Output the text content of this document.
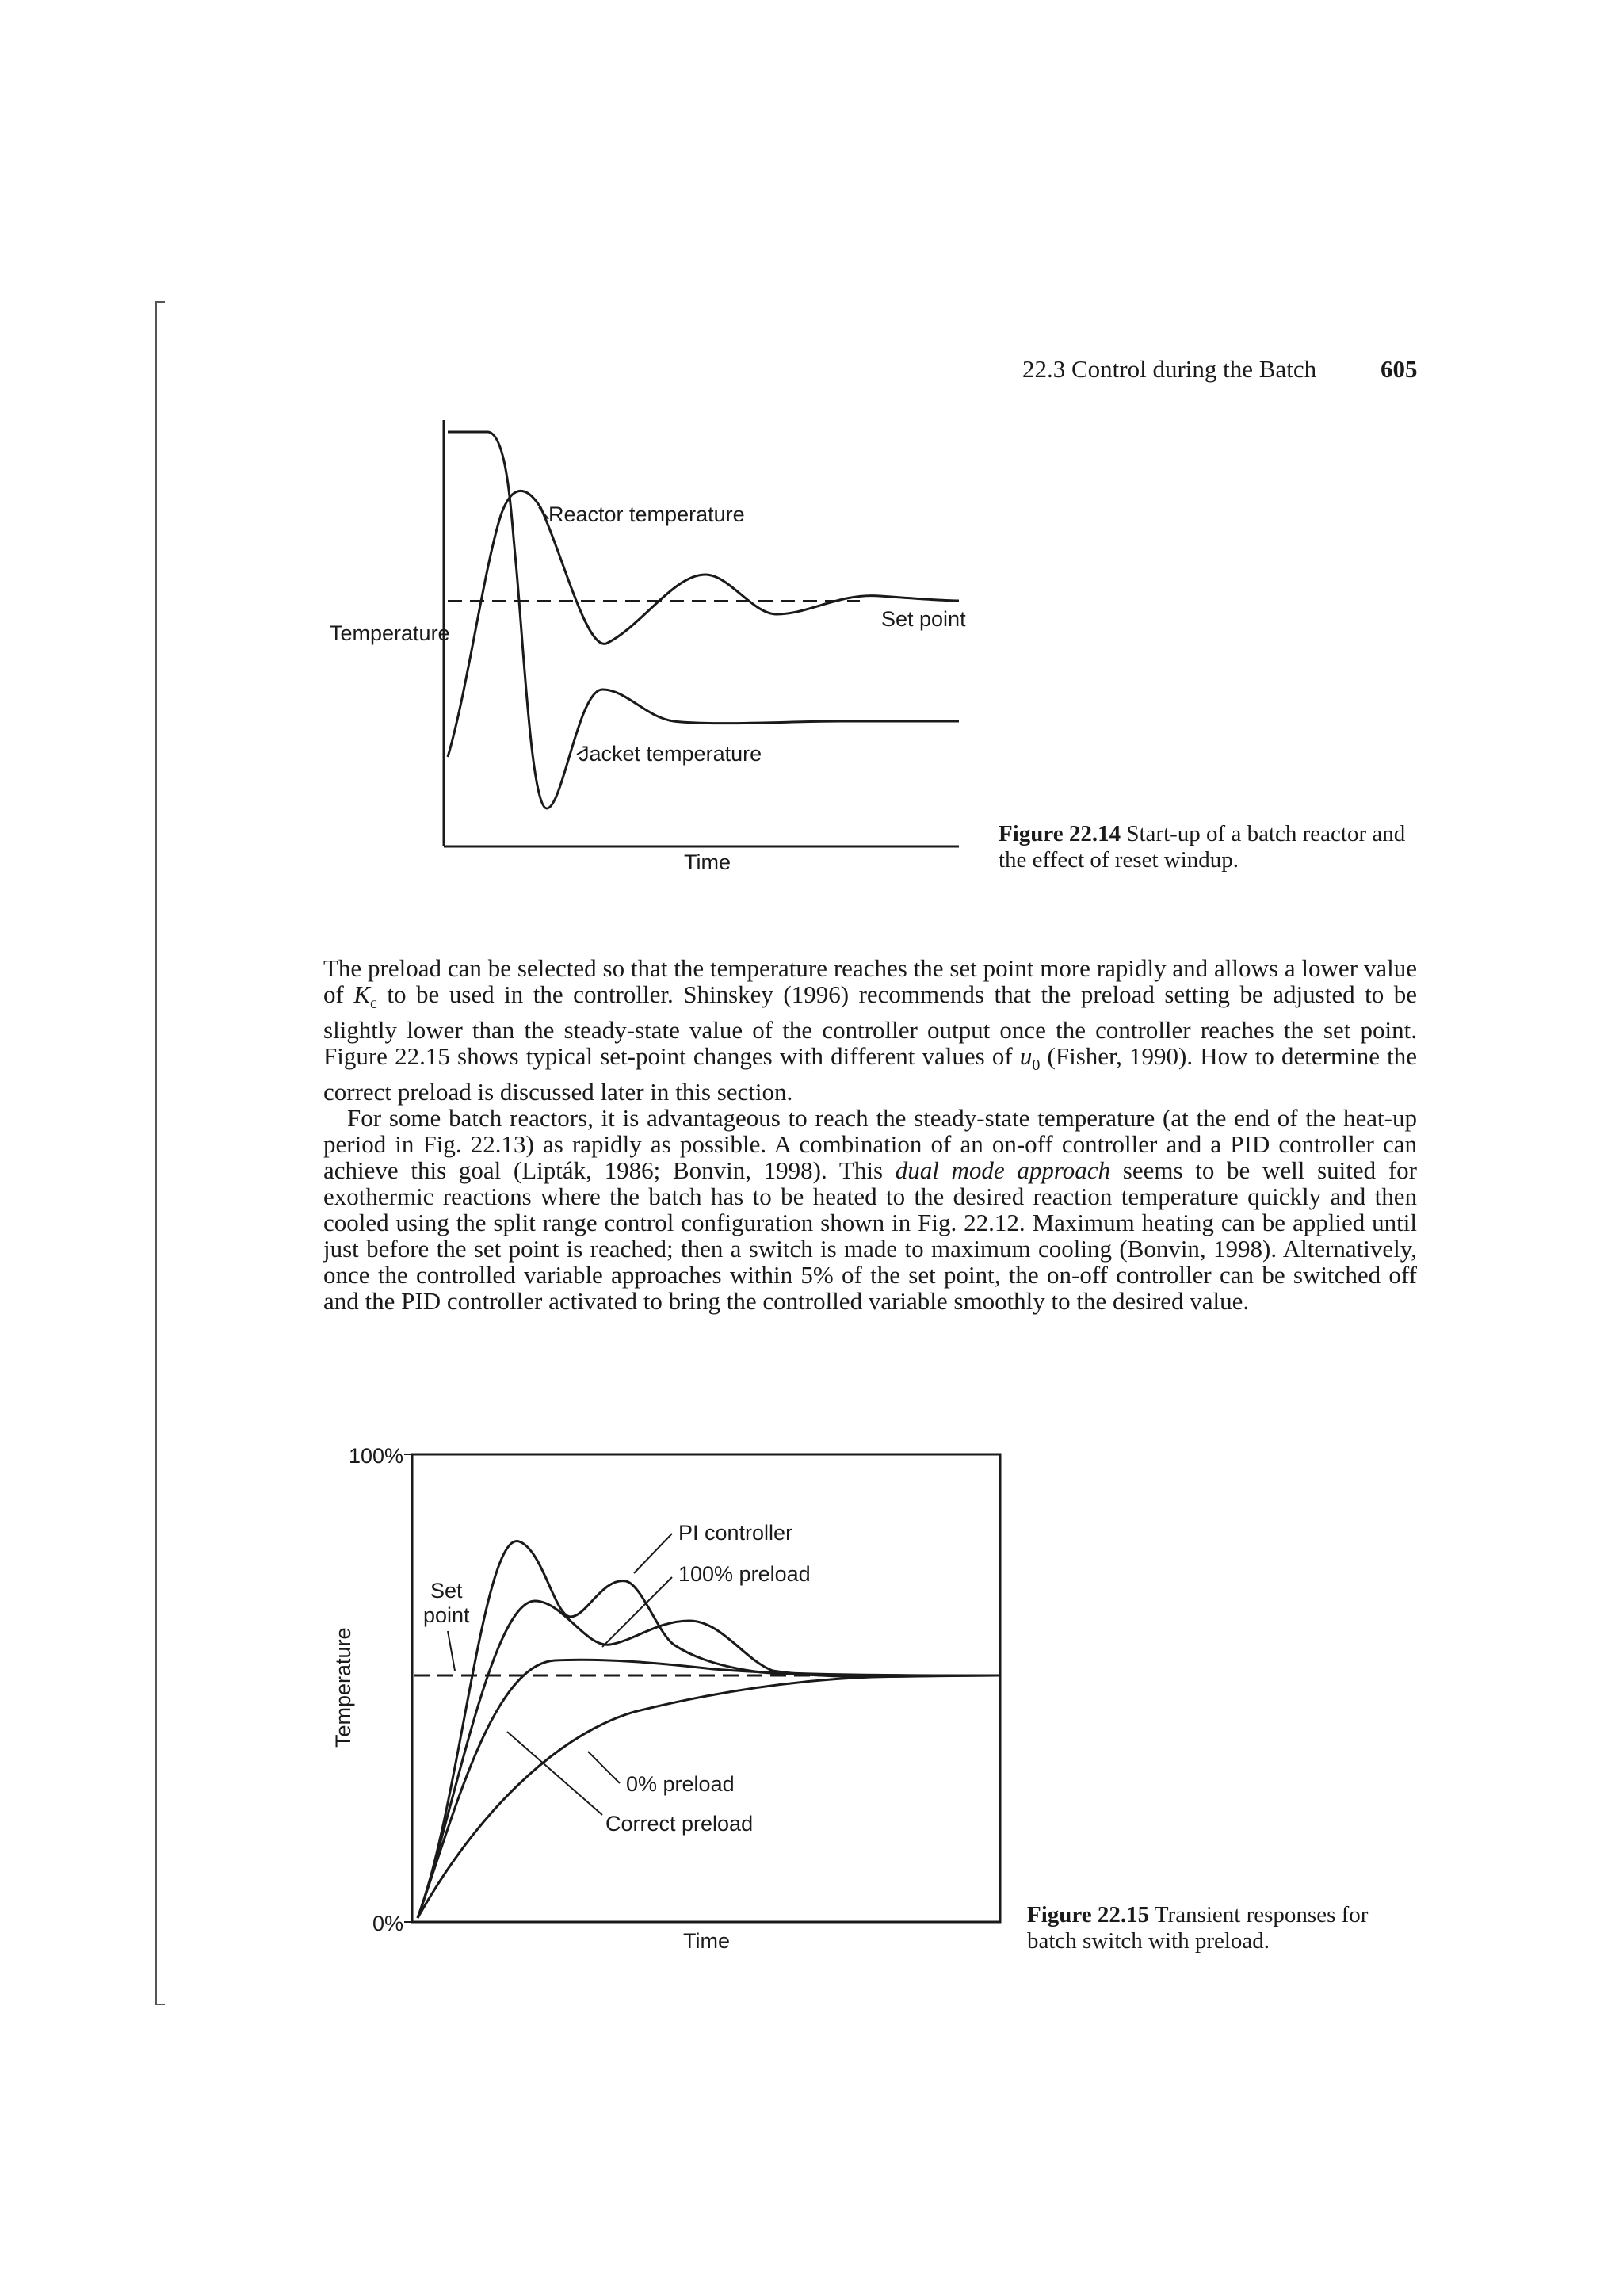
22.3 Control during the Batch	605
Temperature
Reactor temperature
Set point
Jacket temperature
Time
Figure 22.14 Start-up of a batch reactor and the effect of reset windup.

The preload can be selected so that the temperature reaches the set point more rapidly and allows a lower value of $K_c$ to be used in the controller. Shinskey (1996) recommends that the preload setting be adjusted to be slightly lower than the steady-state value of the controller output once the controller reaches the set point. Figure 22.15 shows typical set-point changes with different values of $u_0$ (Fisher, 1990). How to determine the correct preload is discussed later in this section.

For some batch reactors, it is advantageous to reach the steady-state temperature (at the end of the heat-up period in Fig. 22.13) as rapidly as possible. A combination of an on-off controller and a PID controller can achieve this goal (Lipták, 1986; Bonvin, 1998). This dual mode approach seems to be well suited for exothermic reactions where the batch has to be heated to the desired reaction temperature quickly and then cooled using the split range control configuration shown in Fig. 22.12. Maximum heating can be applied until just before the set point is reached; then a switch is made to maximum cooling (Bonvin, 1998). Alternatively, once the controlled variable approaches within 5% of the set point, the on-off controller can be switched off and the PID controller activated to bring the controlled variable smoothly to the desired value.

100%
0%
Temperature
Time
PI controller
100% preload
Set
point
0% preload
Correct preload
Figure 22.15 Transient responses for batch switch with preload.
